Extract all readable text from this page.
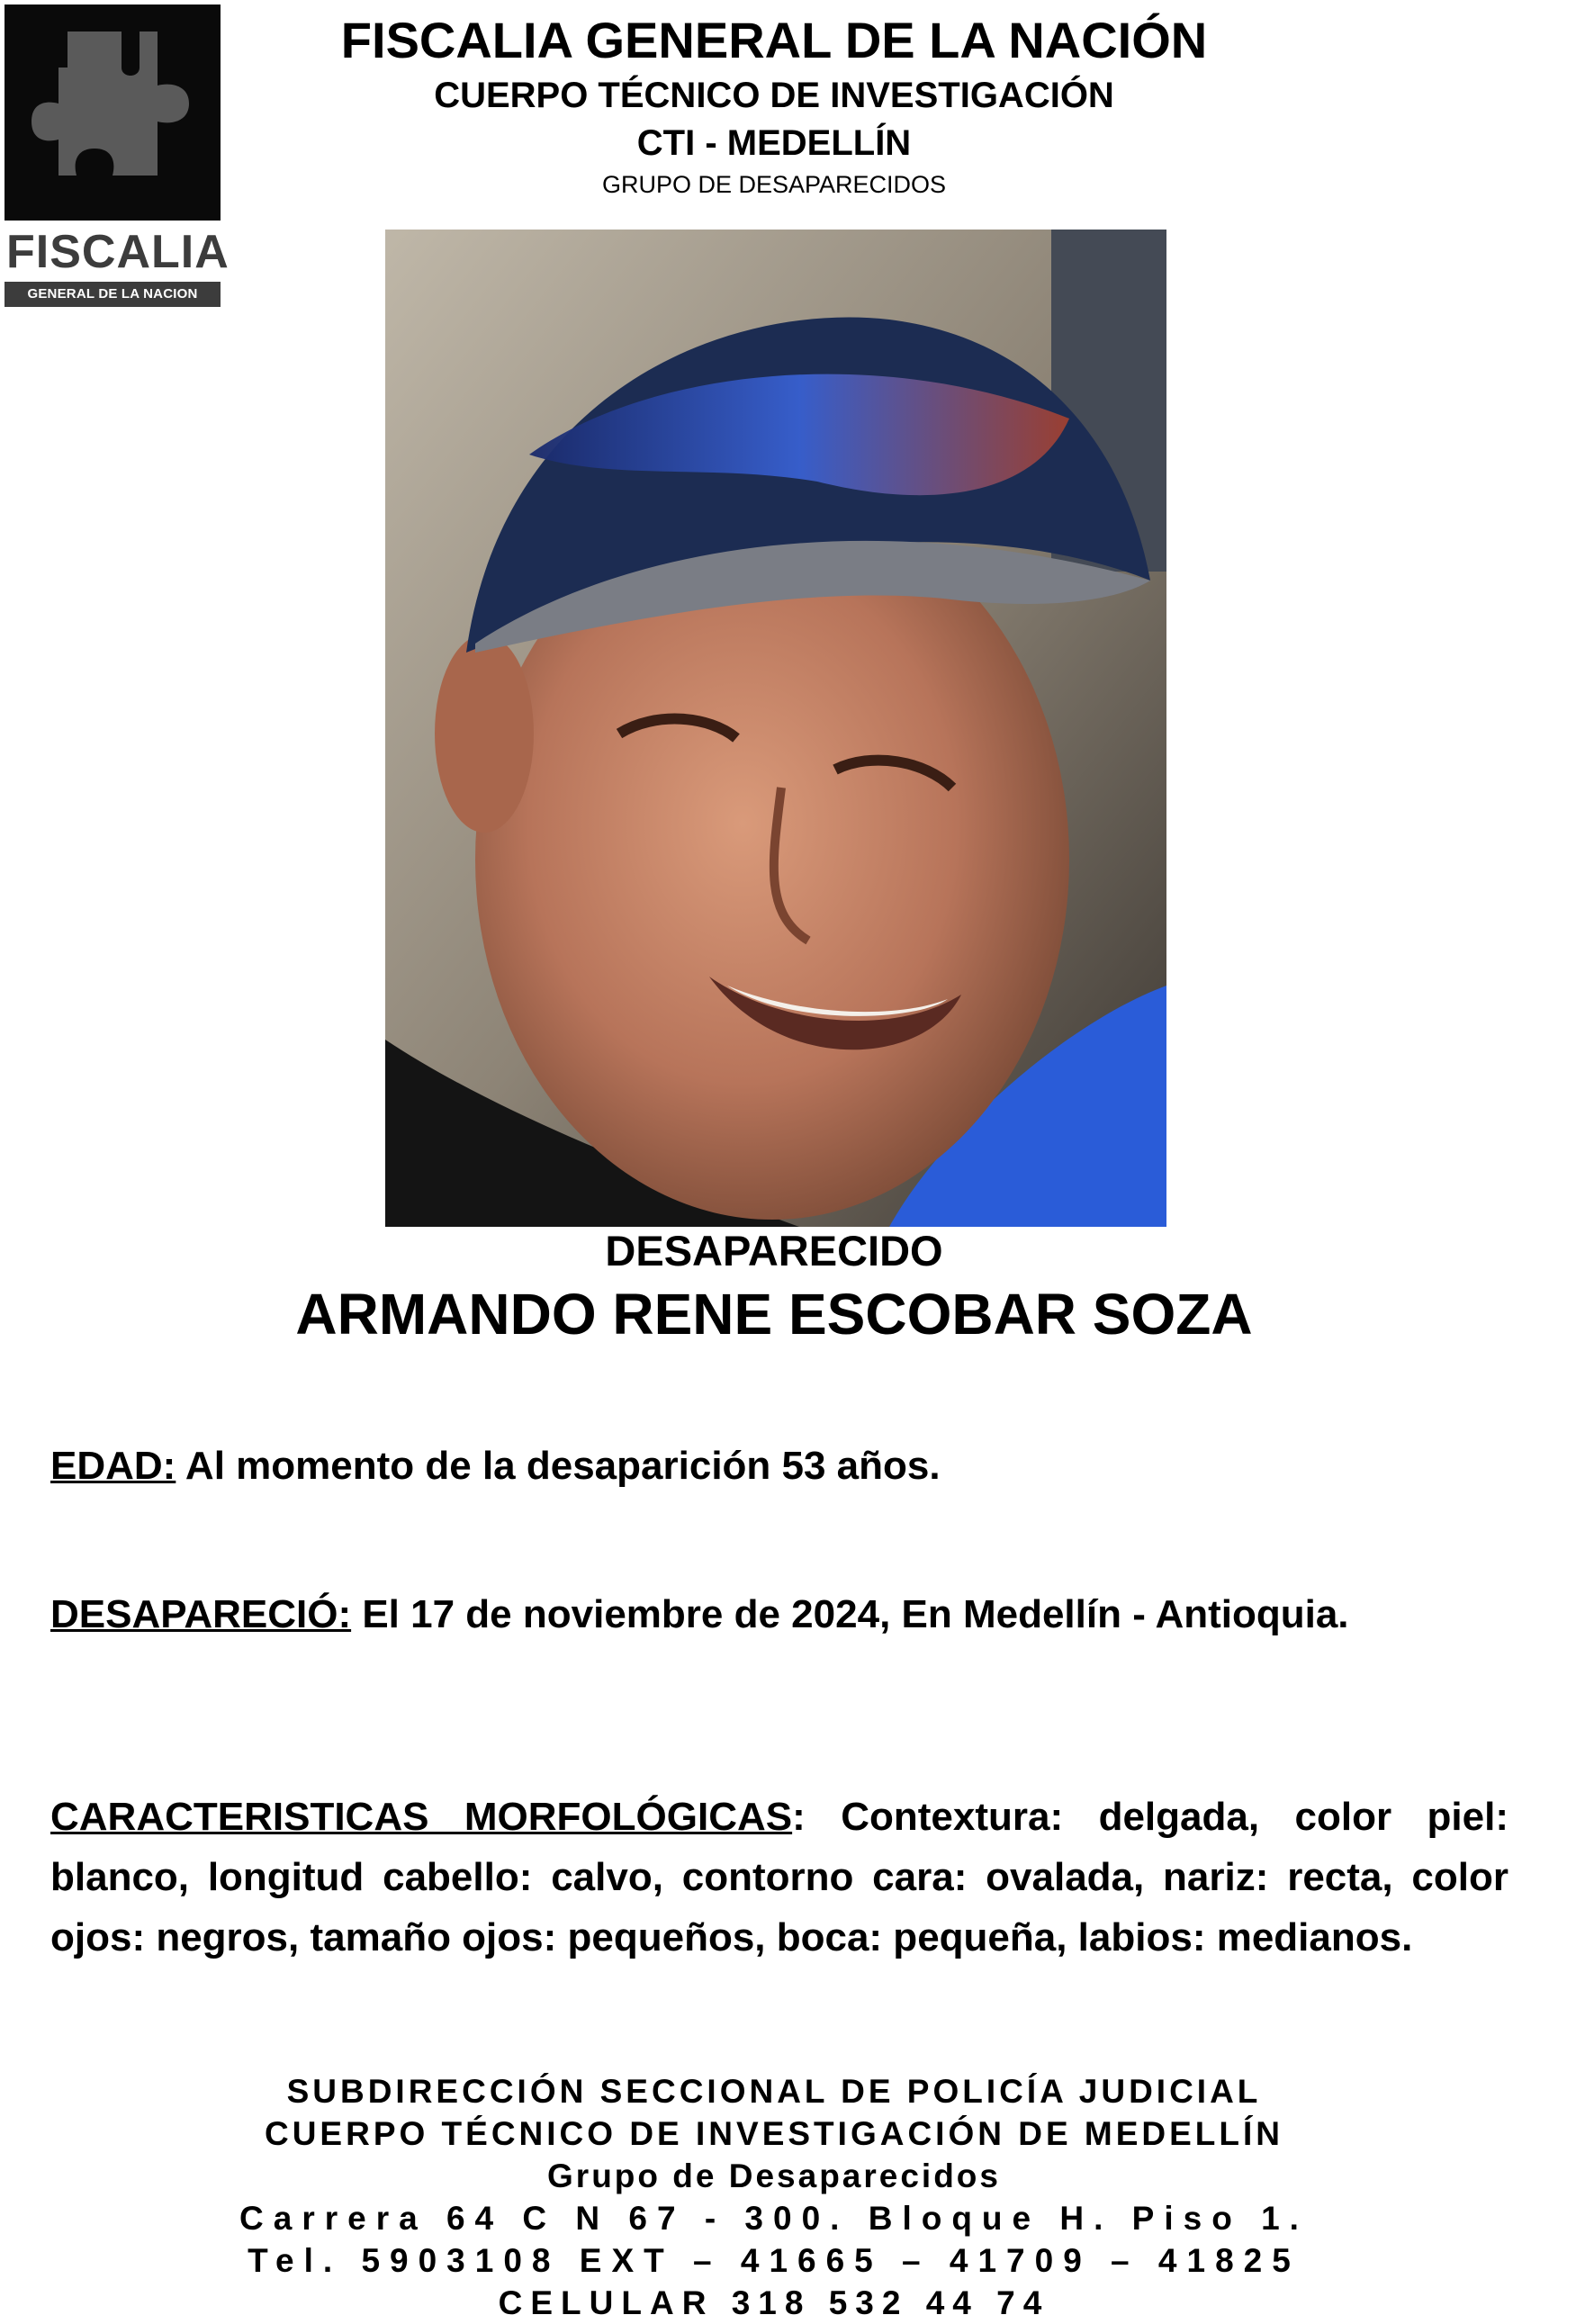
FISCALIA
GENERAL DE LA NACION
FISCALIA GENERAL DE LA NACIÓN
CUERPO TÉCNICO DE INVESTIGACIÓN
CTI - MEDELLÍN
GRUPO DE DESAPARECIDOS
DESAPARECIDO
ARMANDO RENE ESCOBAR SOZA
EDAD: Al momento de la desaparición 53 años.
DESAPARECIÓ: El 17 de noviembre de 2024, En Medellín - Antioquia.
CARACTERISTICAS MORFOLÓGICAS: Contextura: delgada, color piel: blanco, longitud cabello: calvo, contorno cara: ovalada, nariz: recta, color ojos: negros, tamaño ojos: pequeños, boca: pequeña, labios: medianos.
SUBDIRECCIÓN SECCIONAL DE POLICÍA JUDICIAL
CUERPO TÉCNICO DE INVESTIGACIÓN DE MEDELLÍN
Grupo de Desaparecidos
Carrera 64 C N 67 - 300. Bloque H. Piso 1.
Tel. 5903108 EXT – 41665 – 41709 – 41825
CELULAR 318 532 44 74
